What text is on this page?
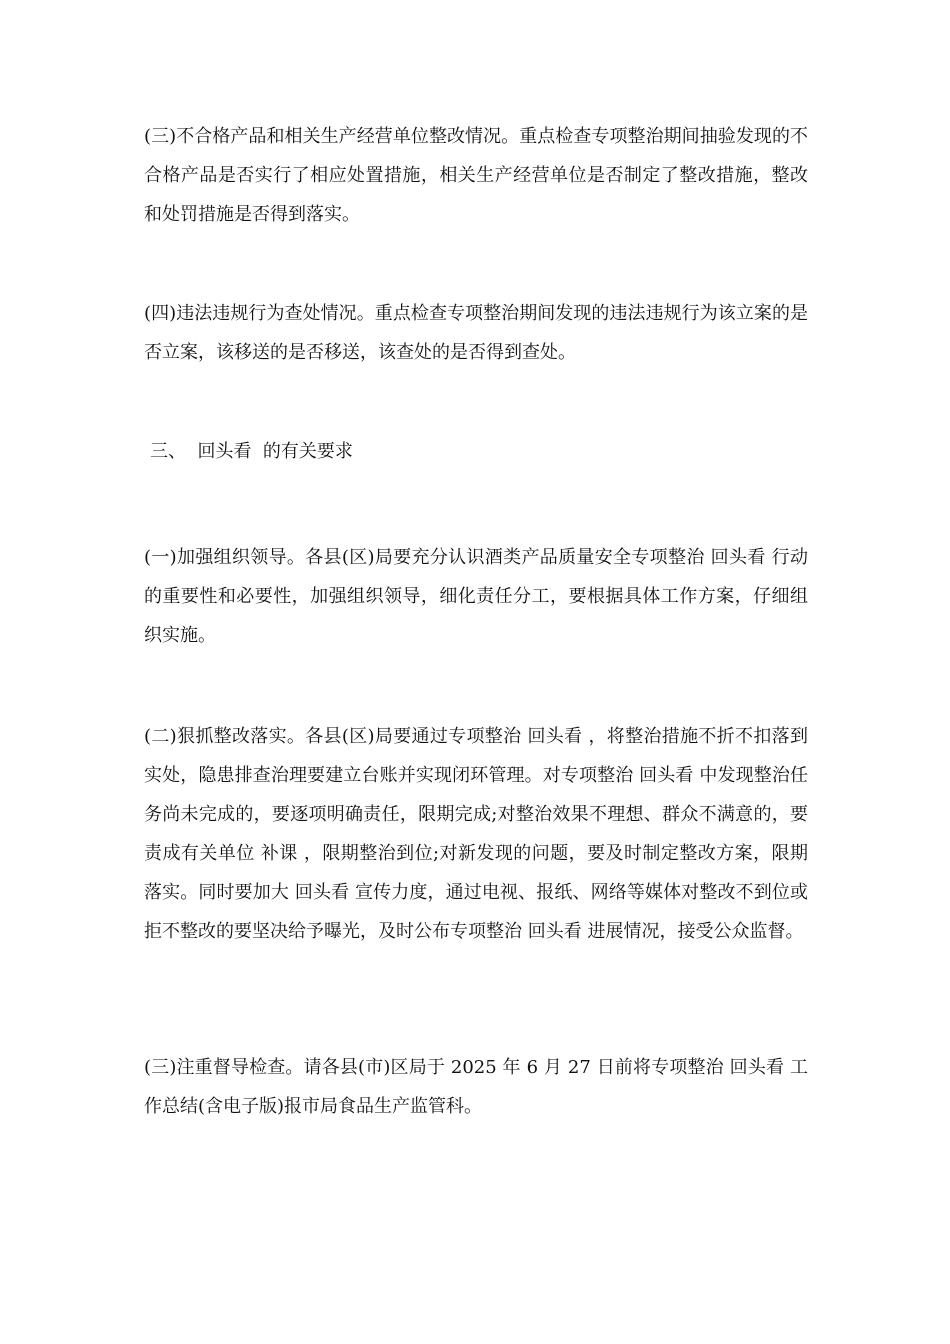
(三)不合格产品和相关生产经营单位整改情况。重点检查专项整治期间抽验发现的不合格产品是否实行了相应处置措施，相关生产经营单位是否制定了整改措施，整改和处罚措施是否得到落实。

(四)违法违规行为查处情况。重点检查专项整治期间发现的违法违规行为该立案的是否立案，该移送的是否移送，该查处的是否得到查处。

三、  回头看  的有关要求

(一)加强组织领导。各县(区)局要充分认识酒类产品质量安全专项整治 回头看 行动的重要性和必要性，加强组织领导，细化责任分工，要根据具体工作方案，仔细组织实施。

(二)狠抓整改落实。各县(区)局要通过专项整治 回头看 ，将整治措施不折不扣落到实处，隐患排查治理要建立台账并实现闭环管理。对专项整治 回头看 中发现整治任务尚未完成的，要逐项明确责任，限期完成;对整治效果不理想、群众不满意的，要责成有关单位 补课 ，限期整治到位;对新发现的问题，要及时制定整改方案，限期落实。同时要加大 回头看 宣传力度，通过电视、报纸、网络等媒体对整改不到位或拒不整改的要坚决给予曝光，及时公布专项整治 回头看 进展情况，接受公众监督。

(三)注重督导检查。请各县(市)区局于 2025 年 6 月 27 日前将专项整治 回头看 工作总结(含电子版)报市局食品生产监管科。
